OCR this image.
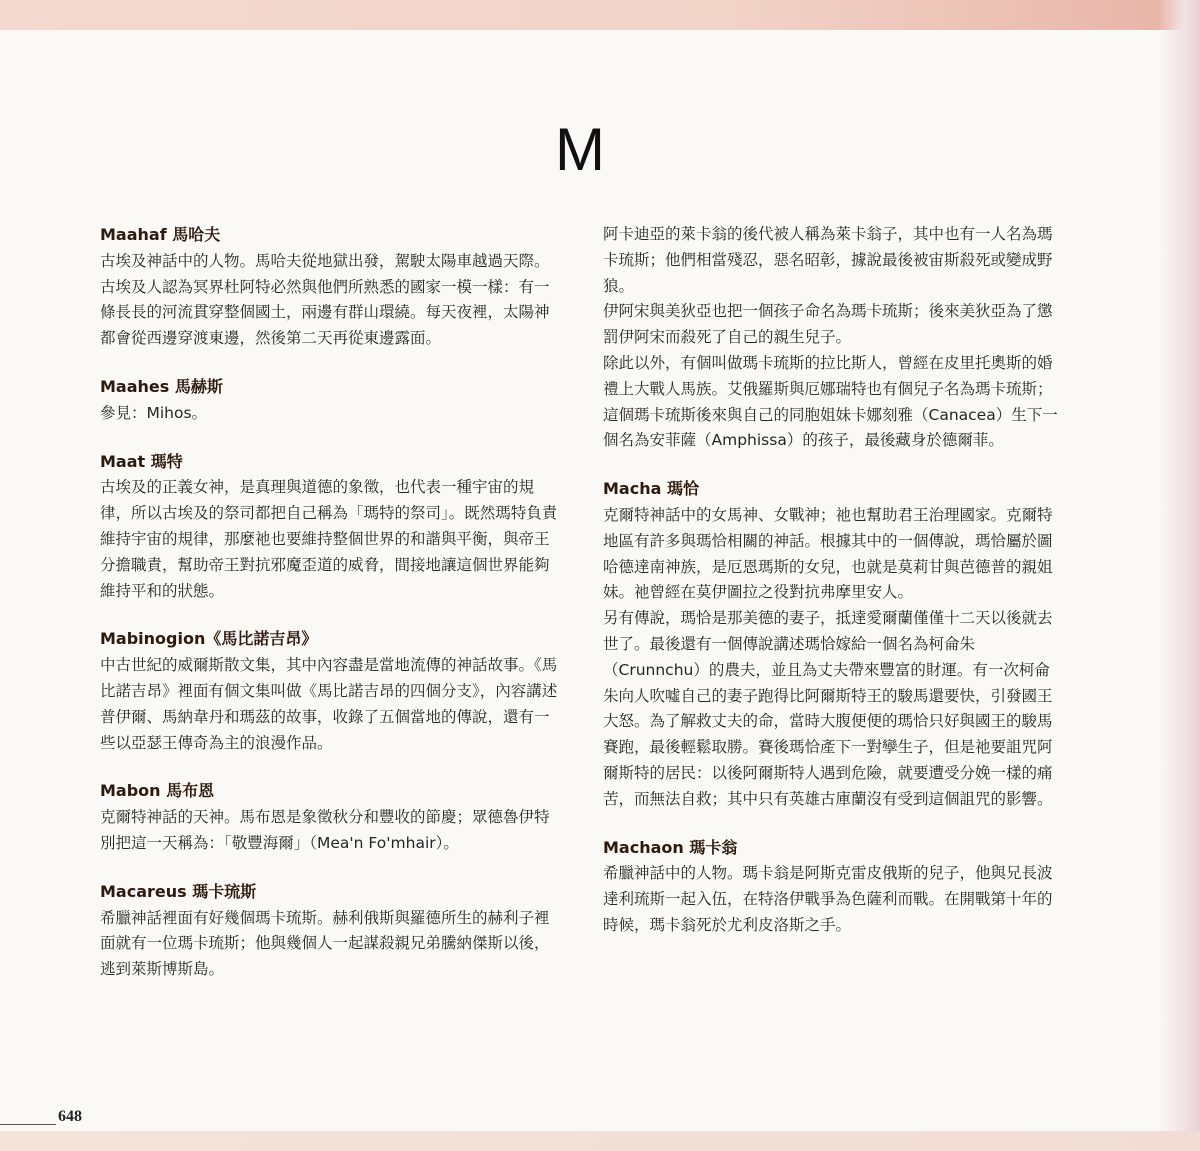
M
Maahaf 馬哈夫
古埃及神話中的人物。馬哈夫從地獄出發，駕駛太陽車越過天際。古埃及人認為冥界杜阿特必然與他們所熟悉的國家一模一樣：有一條長長的河流貫穿整個國土，兩邊有群山環繞。每天夜裡，太陽神都會從西邊穿渡東邊，然後第二天再從東邊露面。
Maahes 馬赫斯
參見：Mihos。
Maat 瑪特
古埃及的正義女神，是真理與道德的象徵，也代表一種宇宙的規律，所以古埃及的祭司都把自己稱為「瑪特的祭司」。既然瑪特負責維持宇宙的規律，那麼祂也要維持整個世界的和諧與平衡，與帝王分擔職責，幫助帝王對抗邪魔歪道的威脅，間接地讓這個世界能夠維持平和的狀態。
Mabinogion《馬比諾吉昂》
中古世紀的威爾斯散文集，其中內容盡是當地流傳的神話故事。《馬比諾吉昂》裡面有個文集叫做《馬比諾吉昂的四個分支》，內容講述普伊爾、馬納韋丹和瑪茲的故事，收錄了五個當地的傳說，還有一些以亞瑟王傳奇為主的浪漫作品。
Mabon 馬布恩
克爾特神話的天神。馬布恩是象徵秋分和豐收的節慶；眾德魯伊特別把這一天稱為：「敬豐海爾」（Mea'n Fo'mhair）。
Macareus 瑪卡琉斯
希臘神話裡面有好幾個瑪卡琉斯。赫利俄斯與羅德所生的赫利子裡面就有一位瑪卡琉斯；他與幾個人一起謀殺親兄弟騰納傑斯以後，逃到萊斯博斯島。
阿卡迪亞的萊卡翁的後代被人稱為萊卡翁子，其中也有一人名為瑪卡琉斯；他們相當殘忍，惡名昭彰，據說最後被宙斯殺死或變成野狼。
伊阿宋與美狄亞也把一個孩子命名為瑪卡琉斯；後來美狄亞為了懲罰伊阿宋而殺死了自己的親生兒子。
除此以外，有個叫做瑪卡琉斯的拉比斯人，曾經在皮里托奧斯的婚禮上大戰人馬族。艾俄羅斯與厄娜瑞特也有個兒子名為瑪卡琉斯；這個瑪卡琉斯後來與自己的同胞姐妹卡娜刻雅（Canacea）生下一個名為安菲薩（Amphissa）的孩子，最後藏身於德爾菲。
Macha 瑪恰
克爾特神話中的女馬神、女戰神；祂也幫助君王治理國家。克爾特地區有許多與瑪恰相關的神話。根據其中的一個傳說，瑪恰屬於圖哈德達南神族，是厄恩瑪斯的女兒，也就是莫莉甘與芭德普的親姐妹。祂曾經在莫伊圖拉之役對抗弗摩里安人。
另有傳說，瑪恰是那美德的妻子，抵達愛爾蘭僅僅十二天以後就去世了。最後還有一個傳說講述瑪恰嫁給一個名為柯侖朱（Crunnchu）的農夫，並且為丈夫帶來豐富的財運。有一次柯侖朱向人吹噓自己的妻子跑得比阿爾斯特王的駿馬還要快，引發國王大怒。為了解救丈夫的命，當時大腹便便的瑪恰只好與國王的駿馬賽跑，最後輕鬆取勝。賽後瑪恰產下一對孿生子，但是祂要詛咒阿爾斯特的居民：以後阿爾斯特人遇到危險，就要遭受分娩一樣的痛苦，而無法自救；其中只有英雄古庫蘭沒有受到這個詛咒的影響。
Machaon 瑪卡翁
希臘神話中的人物。瑪卡翁是阿斯克雷皮俄斯的兒子，他與兄長波達利琉斯一起入伍，在特洛伊戰爭為色薩利而戰。在開戰第十年的時候，瑪卡翁死於尤利皮洛斯之手。
648
